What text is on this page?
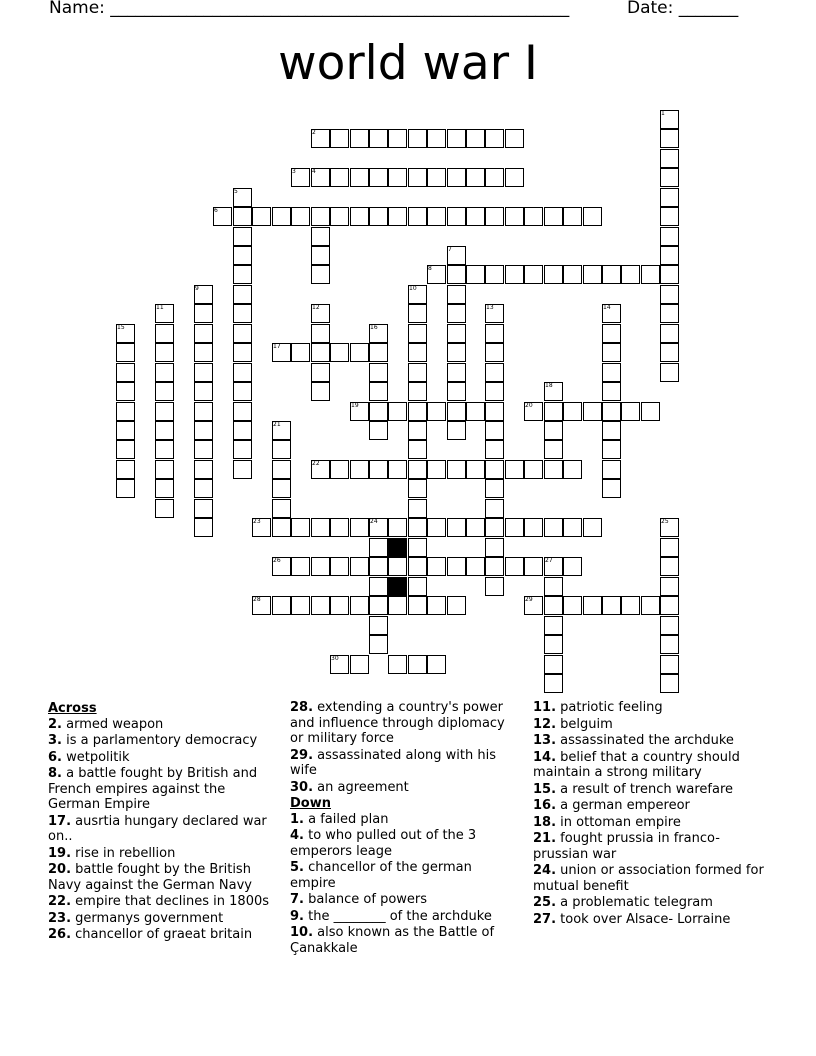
Name: ______________________________________________________	Date: _______
world war I
1
2
3	4
5
6
7
8
9	10
11	12	13	14
15	16
17
18
19	20
21
22
23	24	25
26	27
28	29
30
Across
2. armed weapon
3. is a parlamentory democracy
6. wetpolitik
8. a battle fought by British and French empires against the German Empire
17. ausrtia hungary declared war on..
19. rise in rebellion
20. battle fought by the British Navy against the German Navy
22. empire that declines in 1800s
23. germanys government
26. chancellor of graeat britain
28. extending a country's power and influence through diplomacy or military force
29. assassinated along with his wife
30. an agreement
Down
1. a failed plan
4. to who pulled out of the 3 emperors leage
5. chancellor of the german empire
7. balance of powers
9. the ________ of the archduke
10. also known as the Battle of Çanakkale
11. patriotic feeling
12. belguim
13. assassinated the archduke
14. belief that a country should maintain a strong military
15. a result of trench warefare
16. a german empereor
18. in ottoman empire
21. fought prussia in franco-prussian war
24. union or association formed for mutual benefit
25. a problematic telegram
27. took over Alsace- Lorraine
